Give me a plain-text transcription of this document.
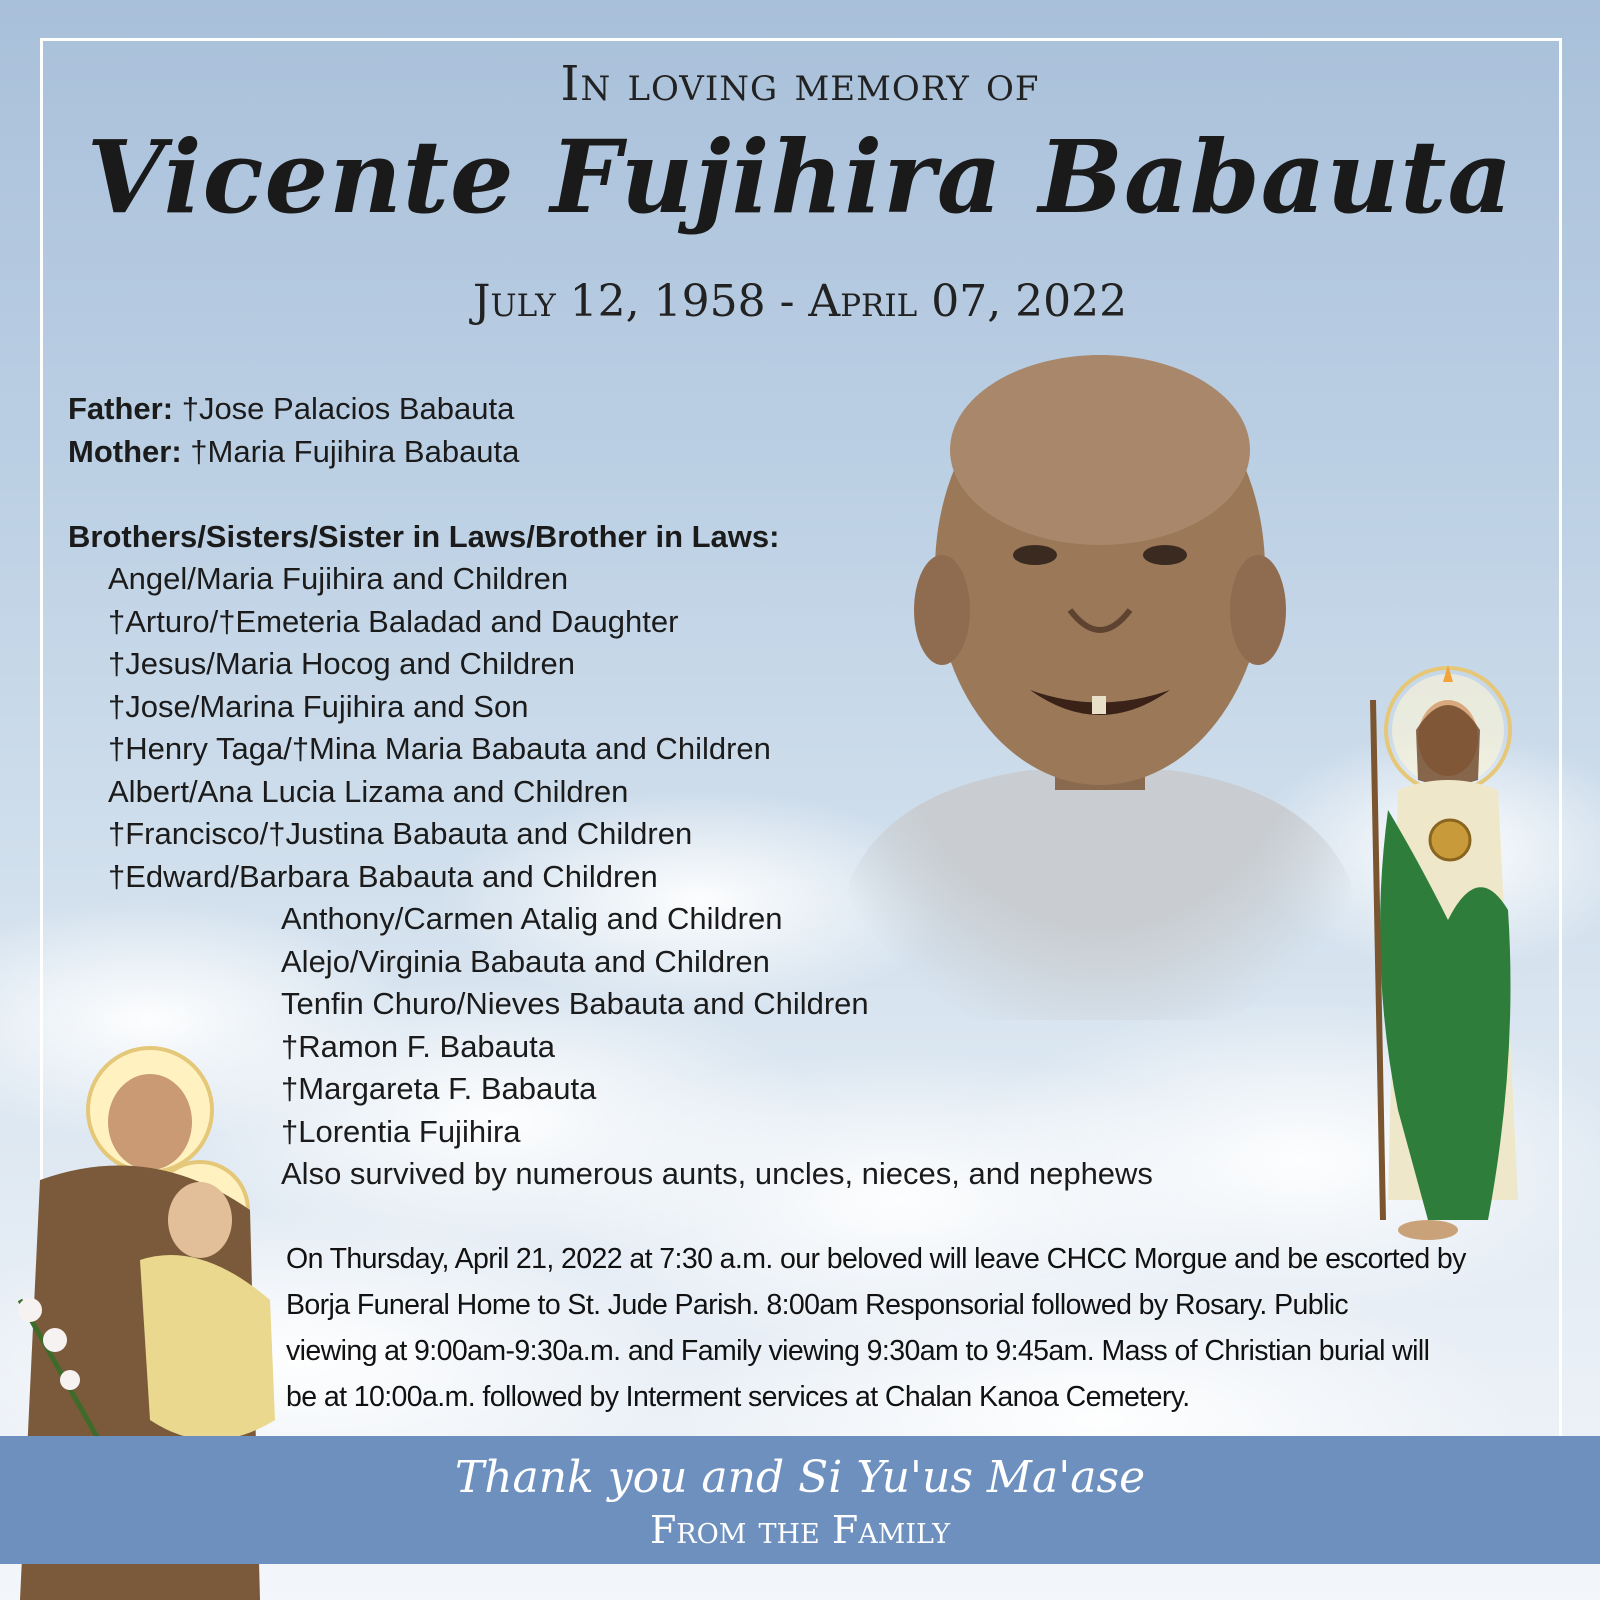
In loving memory of
Vicente Fujihira Babauta
July 12, 1958 - April 07, 2022
Father: †Jose Palacios Babauta
Mother: †Maria Fujihira Babauta
Brothers/Sisters/Sister in Laws/Brother in Laws:
Angel/Maria Fujihira and Children
†Arturo/†Emeteria Baladad and Daughter
†Jesus/Maria Hocog and Children
†Jose/Marina Fujihira and Son
†Henry Taga/†Mina Maria Babauta and Children
Albert/Ana Lucia Lizama and Children
†Francisco/†Justina Babauta and Children
†Edward/Barbara Babauta and Children
Anthony/Carmen Atalig and Children
Alejo/Virginia Babauta and Children
Tenfin Churo/Nieves Babauta and Children
†Ramon F. Babauta
†Margareta F. Babauta
†Lorentia Fujihira
Also survived by numerous aunts, uncles, nieces, and nephews
On Thursday, April 21, 2022 at 7:30 a.m. our beloved will leave CHCC Morgue and be escorted by
Borja Funeral Home to St. Jude Parish. 8:00am Responsorial followed by Rosary. Public
viewing at 9:00am-9:30a.m. and Family viewing 9:30am to 9:45am. Mass of Christian burial will
be at 10:00a.m. followed by Interment services at Chalan Kanoa Cemetery.
Thank you and Si Yu'us Ma'ase
From the Family
